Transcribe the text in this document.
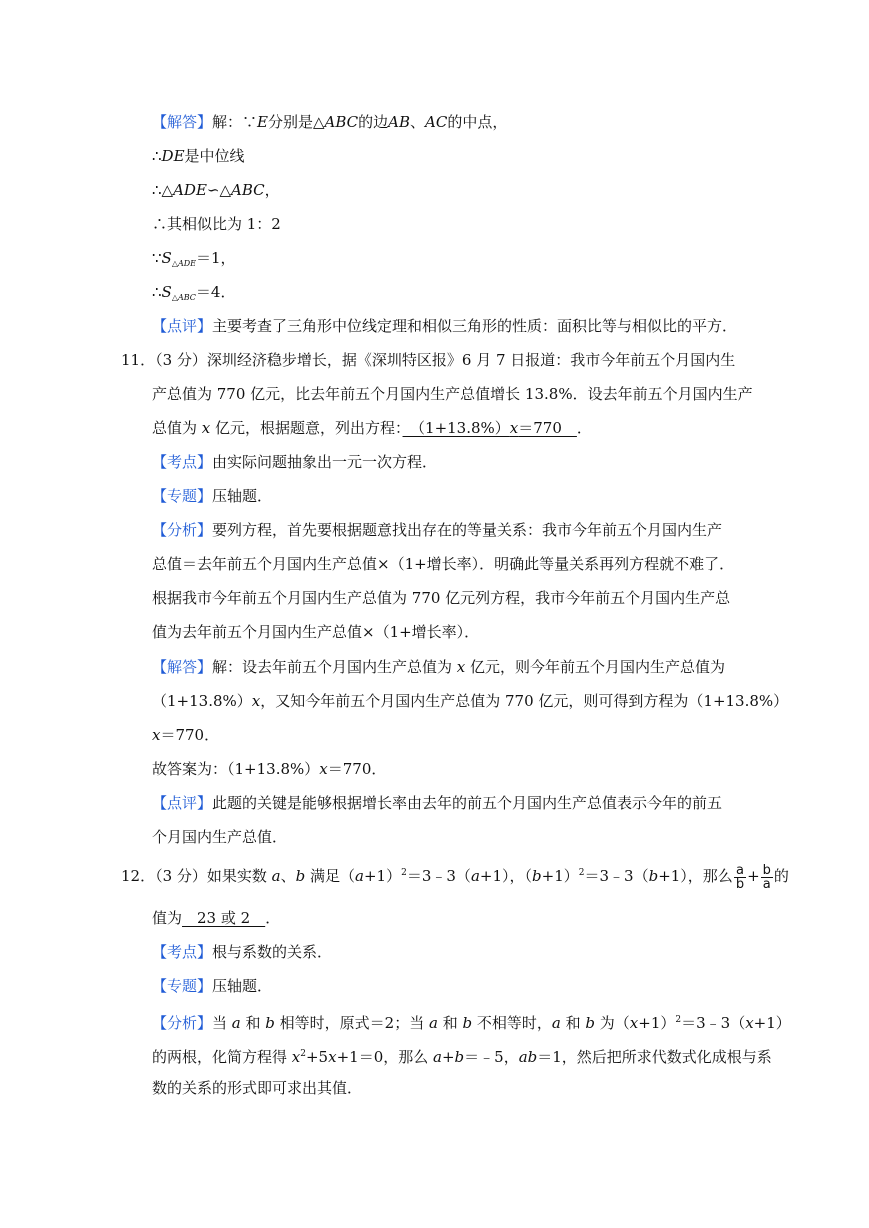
【解答】解：∵E分别是△ABC的边AB、AC的中点，
∴DE是中位线
∴△ADE∽△ABC，
∴其相似比为 1：2
$\because S_{\triangle ADE}=1$，
$\therefore S_{\triangle ABC}=4$．
【点评】主要考查了三角形中位线定理和相似三角形的性质：面积比等与相似比的平方．
11．（3 分）深圳经济稳步增长，据《深圳特区报》6 月 7 日报道：我市今年前五个月国内生
产总值为 770 亿元，比去年前五个月国内生产总值增长 13.8%．设去年前五个月国内生产
总值为 x 亿元，根据题意，列出方程：　（1+13.8%）x＝770　．
【考点】由实际问题抽象出一元一次方程．
【专题】压轴题．
【分析】要列方程，首先要根据题意找出存在的等量关系：我市今年前五个月国内生产
总值＝去年前五个月国内生产总值×（1+增长率）．明确此等量关系再列方程就不难了．
根据我市今年前五个月国内生产总值为 770 亿元列方程，我市今年前五个月国内生产总
值为去年前五个月国内生产总值×（1+增长率）．
【解答】解：设去年前五个月国内生产总值为 x 亿元，则今年前五个月国内生产总值为
（1+13.8%）x，又知今年前五个月国内生产总值为 770 亿元，则可得到方程为（1+13.8%）
x＝770．
故答案为：（1+13.8%）x＝770．
【点评】此题的关键是能够根据增长率由去年的前五个月国内生产总值表示今年的前五
个月国内生产总值．
12．（3 分）如果实数 a、b 满足$(a+1)^2=3﹣3(a+1)$，$(b+1)^2=3﹣3(b+1)$，那么 $\frac{a}{b} + \frac{b}{a}$ 的
值为　23 或 2　．
【考点】根与系数的关系．
【专题】压轴题．
【分析】当 a 和 b 相等时，原式＝2；当 a 和 b 不相等时，a 和 b 为$(x+1)^2=3﹣3(x+1)$
的两根，化简方程得 $x^2+5x+1=0$，那么 a+b＝﹣5，ab＝1，然后把所求代数式化成根与系
数的关系的形式即可求出其值．
